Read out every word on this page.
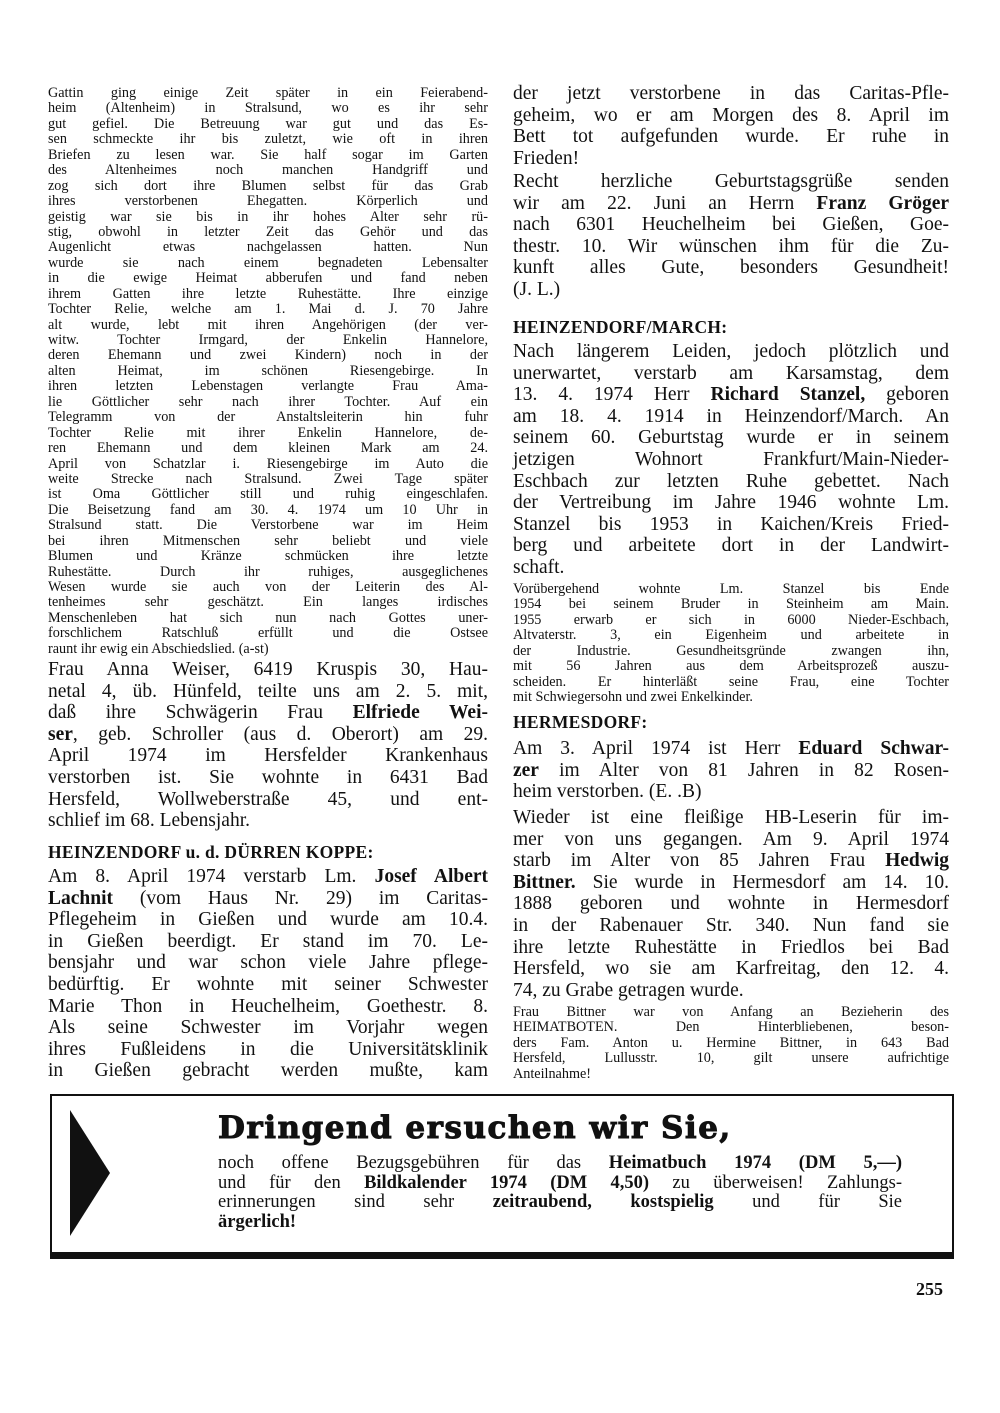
Gattin ging einige Zeit später in ein Feierabend-
heim (Altenheim) in Stralsund, wo es ihr sehr
gut gefiel. Die Betreuung war gut und das Es-
sen schmeckte ihr bis zuletzt, wie oft in ihren
Briefen zu lesen war. Sie half sogar im Garten
des Altenheimes noch manchen Handgriff und
zog sich dort ihre Blumen selbst für das Grab
ihres verstorbenen Ehegatten. Körperlich und
geistig war sie bis in ihr hohes Alter sehr rü-
stig, obwohl in letzter Zeit das Gehör und das
Augenlicht etwas nachgelassen hatten. Nun
wurde sie nach einem begnadeten Lebensalter
in die ewige Heimat abberufen und fand neben
ihrem Gatten ihre letzte Ruhestätte. Ihre einzige
Tochter Relie, welche am 1. Mai d. J. 70 Jahre
alt wurde, lebt mit ihren Angehörigen (der ver-
witw. Tochter Irmgard, der Enkelin Hannelore,
deren Ehemann und zwei Kindern) noch in der
alten Heimat, im schönen Riesengebirge. In
ihren letzten Lebenstagen verlangte Frau Ama-
lie Göttlicher sehr nach ihrer Tochter. Auf ein
Telegramm von der Anstaltsleiterin hin fuhr
Tochter Relie mit ihrer Enkelin Hannelore, de-
ren Ehemann und dem kleinen Mark am 24.
April von Schatzlar i. Riesengebirge im Auto die
weite Strecke nach Stralsund. Zwei Tage später
ist Oma Göttlicher still und ruhig eingeschlafen.
Die Beisetzung fand am 30. 4. 1974 um 10 Uhr in
Stralsund statt. Die Verstorbene war im Heim
bei ihren Mitmenschen sehr beliebt und viele
Blumen und Kränze schmücken ihre letzte
Ruhestätte. Durch ihr ruhiges, ausgeglichenes
Wesen wurde sie auch von der Leiterin des Al-
tenheimes sehr geschätzt. Ein langes irdisches
Menschenleben hat sich nun nach Gottes uner-
forschlichem Ratschluß erfüllt und die Ostsee
raunt ihr ewig ein Abschiedslied. (a-st)
Frau Anna Weiser, 6419 Kruspis 30, Hau-
netal 4, üb. Hünfeld, teilte uns am 2. 5. mit,
daß ihre Schwägerin Frau Elfriede Wei-
ser, geb. Schroller (aus d. Oberort) am 29.
April 1974 im Hersfelder Krankenhaus
verstorben ist. Sie wohnte in 6431 Bad
Hersfeld, Wollweberstraße 45, und ent-
schlief im 68. Lebensjahr.
HEINZENDORF u. d. DÜRREN KOPPE:
Am 8. April 1974 verstarb Lm. Josef Albert
Lachnit (vom Haus Nr. 29) im Caritas-
Pflegeheim in Gießen und wurde am 10.4.
in Gießen beerdigt. Er stand im 70. Le-
bensjahr und war schon viele Jahre pflege-
bedürftig. Er wohnte mit seiner Schwester
Marie Thon in Heuchelheim, Goethestr. 8.
Als seine Schwester im Vorjahr wegen
ihres Fußleidens in die Universitätsklinik
in Gießen gebracht werden mußte, kam
der jetzt verstorbene in das Caritas-Pfle-
geheim, wo er am Morgen des 8. April im
Bett tot aufgefunden wurde. Er ruhe in
Frieden!
Recht herzliche Geburtstagsgrüße senden
wir am 22. Juni an Herrn Franz Gröger
nach 6301 Heuchelheim bei Gießen, Goe-
thestr. 10. Wir wünschen ihm für die Zu-
kunft alles Gute, besonders Gesundheit!
(J. L.)
HEINZENDORF/MARCH:
Nach längerem Leiden, jedoch plötzlich und
unerwartet, verstarb am Karsamstag, dem
13. 4. 1974 Herr Richard Stanzel, geboren
am 18. 4. 1914 in Heinzendorf/March. An
seinem 60. Geburtstag wurde er in seinem
jetzigen Wohnort Frankfurt/Main-Nieder-
Eschbach zur letzten Ruhe gebettet. Nach
der Vertreibung im Jahre 1946 wohnte Lm.
Stanzel bis 1953 in Kaichen/Kreis Fried-
berg und arbeitete dort in der Landwirt-
schaft.
Vorübergehend wohnte Lm. Stanzel bis Ende
1954 bei seinem Bruder in Steinheim am Main.
1955 erwarb er sich in 6000 Nieder-Eschbach,
Altvaterstr. 3, ein Eigenheim und arbeitete in
der Industrie. Gesundheitsgründe zwangen ihn,
mit 56 Jahren aus dem Arbeitsprozeß auszu-
scheiden. Er hinterläßt seine Frau, eine Tochter
mit Schwiegersohn und zwei Enkelkinder.
HERMESDORF:
Am 3. April 1974 ist Herr Eduard Schwar-
zer im Alter von 81 Jahren in 82 Rosen-
heim verstorben. (E. .B)
Wieder ist eine fleißige HB-Leserin für im-
mer von uns gegangen. Am 9. April 1974
starb im Alter von 85 Jahren Frau Hedwig
Bittner. Sie wurde in Hermesdorf am 14. 10.
1888 geboren und wohnte in Hermesdorf
in der Rabenauer Str. 340. Nun fand sie
ihre letzte Ruhestätte in Friedlos bei Bad
Hersfeld, wo sie am Karfreitag, den 12. 4.
74, zu Grabe getragen wurde.
Frau Bittner war von Anfang an Bezieherin des
HEIMATBOTEN. Den Hinterbliebenen, beson-
ders Fam. Anton u. Hermine Bittner, in 643 Bad
Hersfeld, Lullusstr. 10, gilt unsere aufrichtige
Anteilnahme!
Dringend ersuchen wir Sie,
noch offene Bezugsgebühren für das Heimatbuch 1974 (DM 5,—)
und für den Bildkalender 1974 (DM 4,50) zu überweisen! Zahlungs-
erinnerungen sind sehr zeitraubend, kostspielig und für Sie
ärgerlich!
255
